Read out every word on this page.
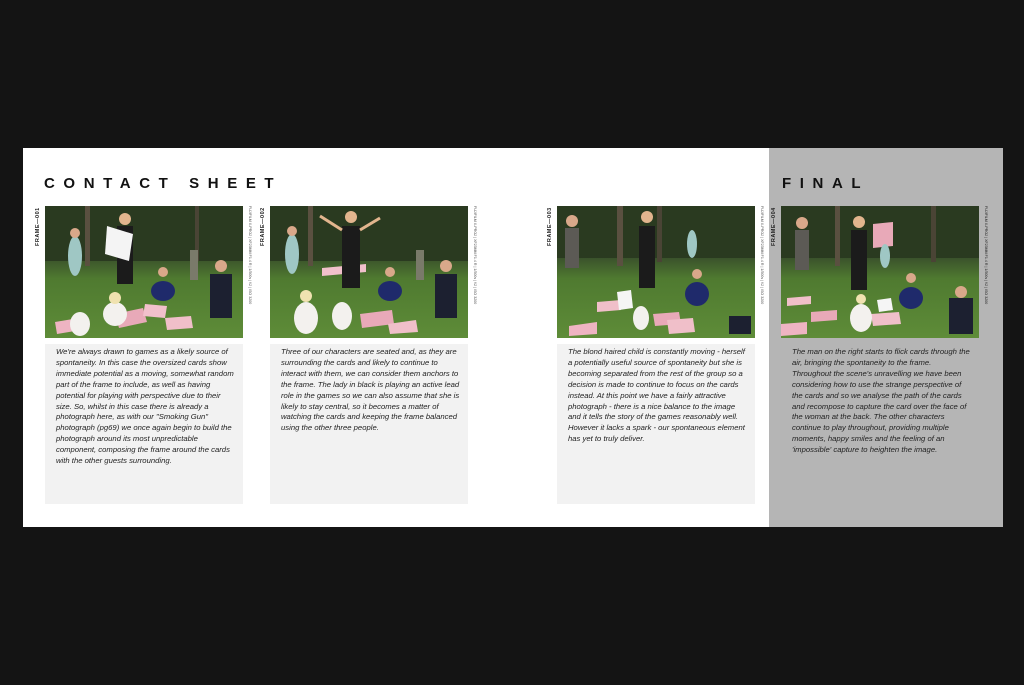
CONTACT SHEET	FINAL
FRAME—001	FUJIFILM X-PRO2 | XF23MM F1.4 R | 1/500s | f/2 | ISO 3200

We're always drawn to games as a likely source of spontaneity. In this case the oversized cards show immediate potential as a moving, somewhat random part of the frame to include, as well as having potential for playing with perspective due to their size. So, whilst in this case there is already a photograph here, as with our "Smoking Gun" photograph (pg69) we once again begin to build the photograph around its most unpredictable component, composing the frame around the cards with the other guests surrounding.

FRAME—002	FUJIFILM X-PRO2 | XF23MM F1.4 R | 1/500s | f/2 | ISO 3200

Three of our characters are seated and, as they are surrounding the cards and likely to continue to interact with them, we can consider them anchors to the frame. The lady in black is playing an active lead role in the games so we can also assume that she is likely to stay central, so it becomes a matter of watching the cards and keeping the frame balanced using the other three people.

FRAME—003	FUJIFILM X-PRO2 | XF23MM F1.4 R | 1/500s | f/2 | ISO 3200

The blond haired child is constantly moving - herself a potentially useful source of spontaneity but she is becoming separated from the rest of the group so a decision is made to continue to focus on the cards instead. At this point we have a fairly attractive photograph - there is a nice balance to the image and it tells the story of the games reasonably well. However it lacks a spark - our spontaneous element has yet to truly deliver.

FRAME—004	FUJIFILM X-PRO2 | XF23MM F1.4 R | 1/500s | f/2 | ISO 3200

The man on the right starts to flick cards through the air, bringing the spontaneity to the frame. Throughout the scene's unravelling we have been considering how to use the strange perspective of the cards and so we analyse the path of the cards and recompose to capture the card over the face of the woman at the back. The other characters continue to play throughout, providing multiple moments, happy smiles and the feeling of an 'impossible' capture to heighten the image.
